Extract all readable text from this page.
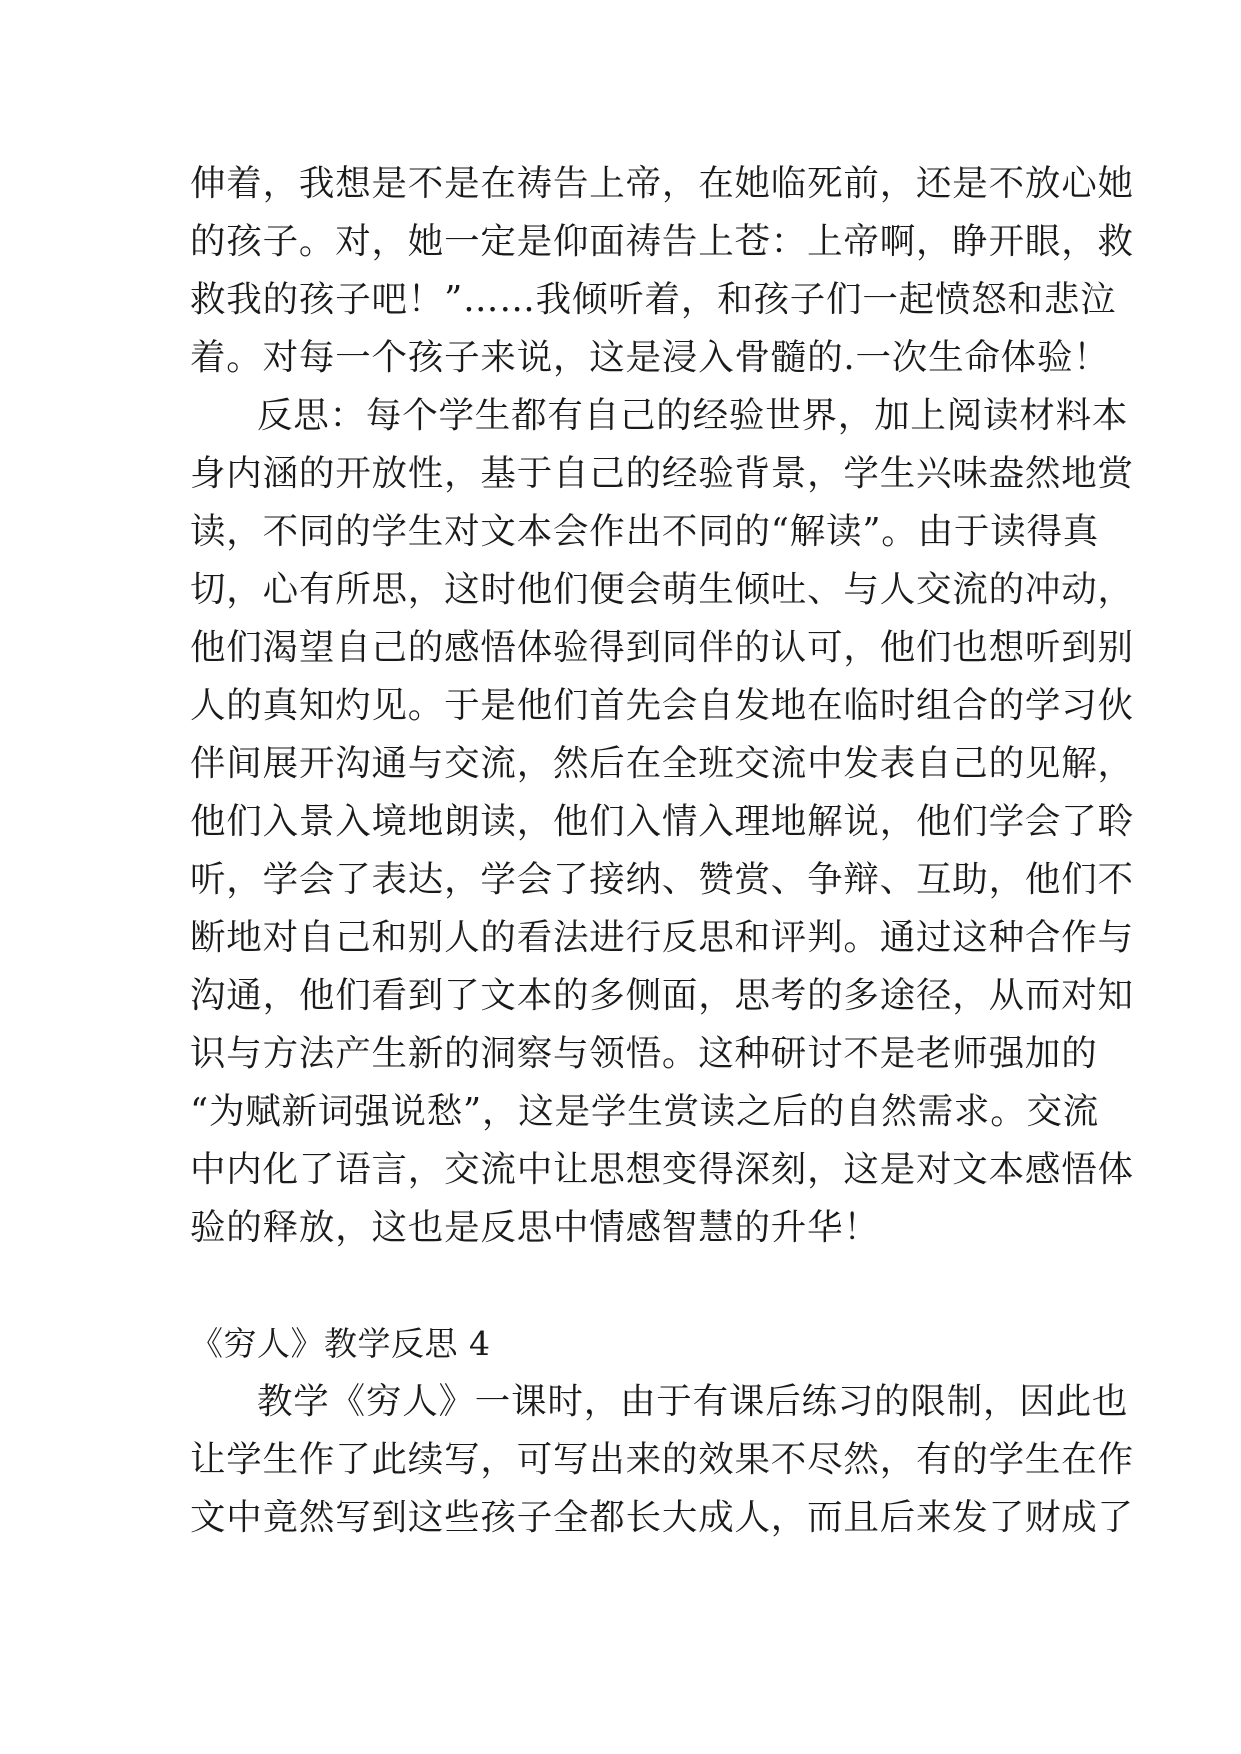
伸着，我想是不是在祷告上帝，在她临死前，还是不放心她
的孩子。对，她一定是仰面祷告上苍：上帝啊，睁开眼，救
救我的孩子吧！”……我倾听着，和孩子们一起愤怒和悲泣
着。对每一个孩子来说，这是浸入骨髓的.一次生命体验！
反思：每个学生都有自己的经验世界，加上阅读材料本
身内涵的开放性，基于自己的经验背景，学生兴味盎然地赏
读，不同的学生对文本会作出不同的“解读”。由于读得真
切，心有所思，这时他们便会萌生倾吐、与人交流的冲动，
他们渴望自己的感悟体验得到同伴的认可，他们也想听到别
人的真知灼见。于是他们首先会自发地在临时组合的学习伙
伴间展开沟通与交流，然后在全班交流中发表自己的见解，
他们入景入境地朗读，他们入情入理地解说，他们学会了聆
听，学会了表达，学会了接纳、赞赏、争辩、互助，他们不
断地对自己和别人的看法进行反思和评判。通过这种合作与
沟通，他们看到了文本的多侧面，思考的多途径，从而对知
识与方法产生新的洞察与领悟。这种研讨不是老师强加的
“为赋新词强说愁”，这是学生赏读之后的自然需求。交流
中内化了语言，交流中让思想变得深刻，这是对文本感悟体
验的释放，这也是反思中情感智慧的升华！
《穷人》教学反思 4
教学《穷人》一课时，由于有课后练习的限制，因此也
让学生作了此续写，可写出来的效果不尽然，有的学生在作
文中竟然写到这些孩子全都长大成人，而且后来发了财成了
